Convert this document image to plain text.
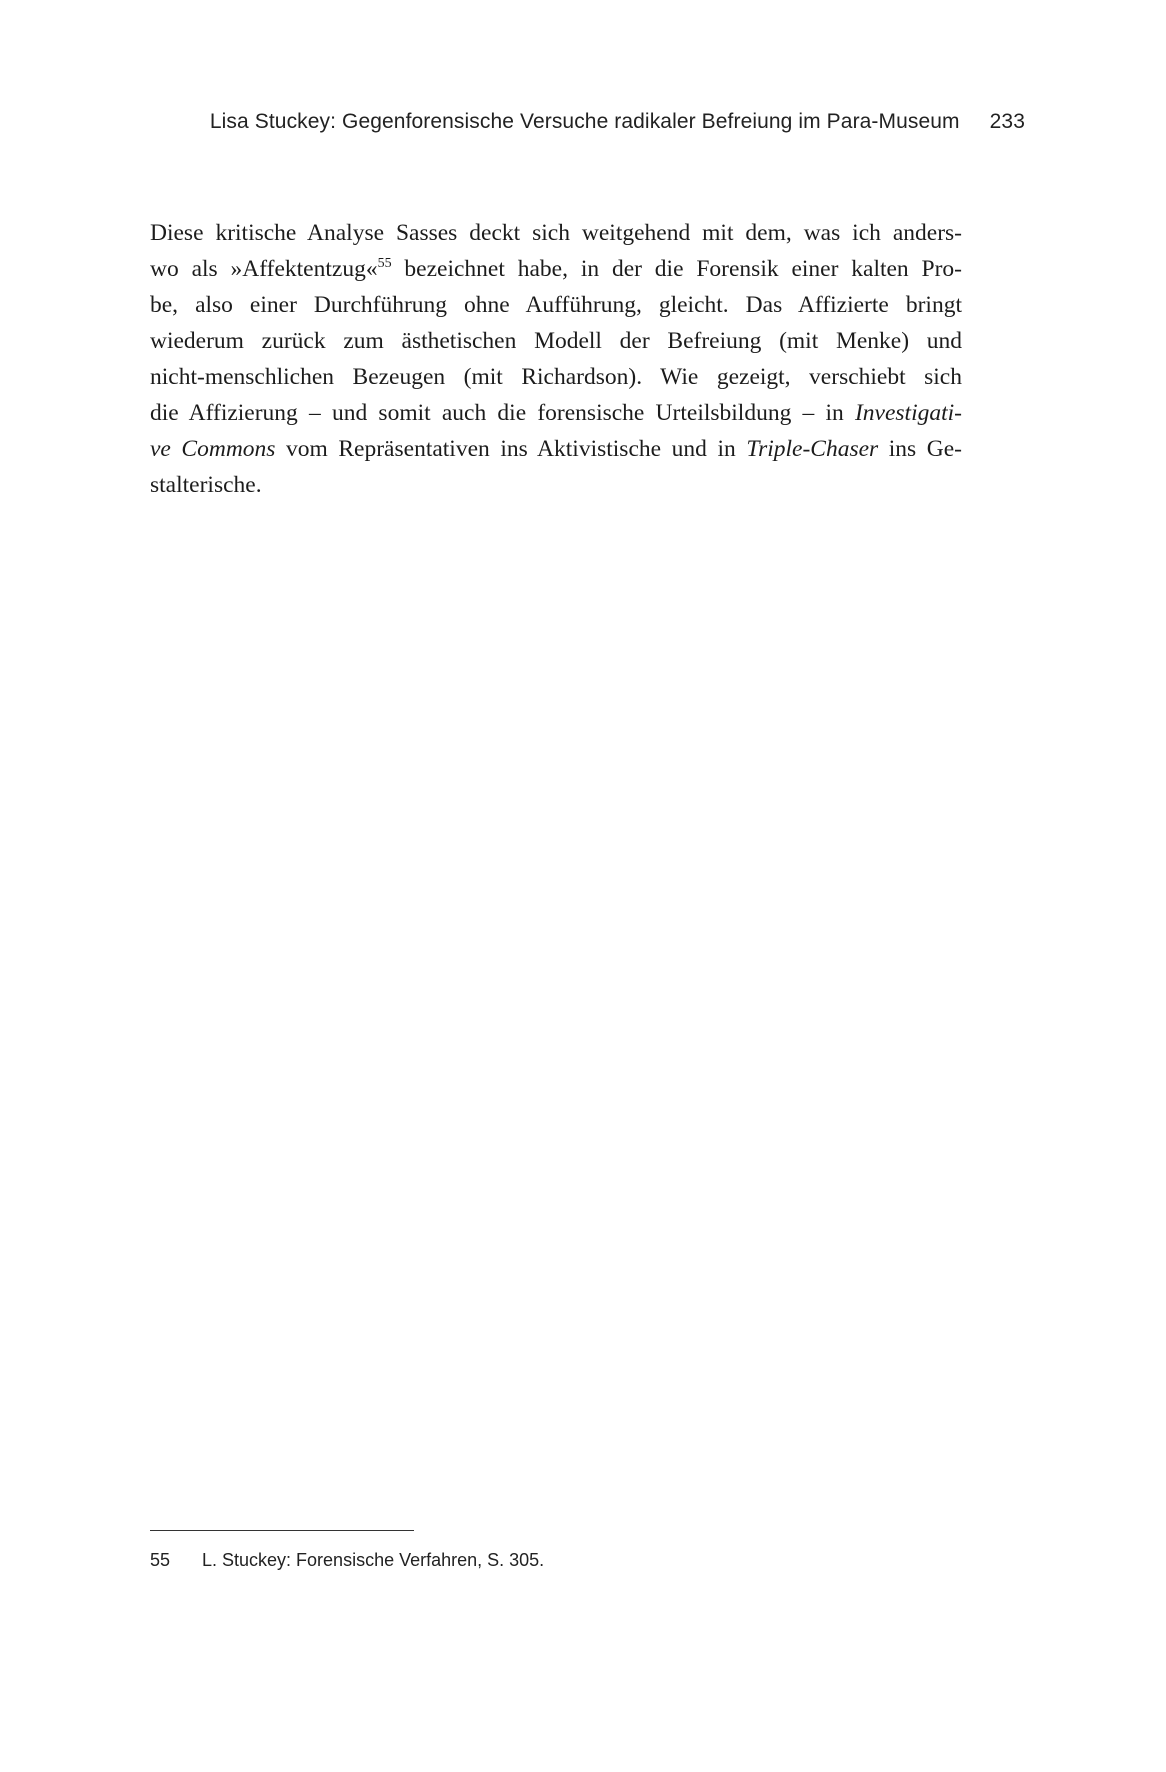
Lisa Stuckey: Gegenforensische Versuche radikaler Befreiung im Para-Museum 233
Diese kritische Analyse Sasses deckt sich weitgehend mit dem, was ich anders-
wo als »Affektentzug«$^{55}$ bezeichnet habe, in der die Forensik einer kalten Pro-
be, also einer Durchführung ohne Aufführung, gleicht. Das Affizierte bringt
wiederum zurück zum ästhetischen Modell der Befreiung (mit Menke) und
nicht-menschlichen Bezeugen (mit Richardson). Wie gezeigt, verschiebt sich
die Affizierung – und somit auch die forensische Urteilsbildung – in Investigati-
ve Commons vom Repräsentativen ins Aktivistische und in Triple-Chaser ins Ge-
stalterische.
55 L. Stuckey: Forensische Verfahren, S. 305.
